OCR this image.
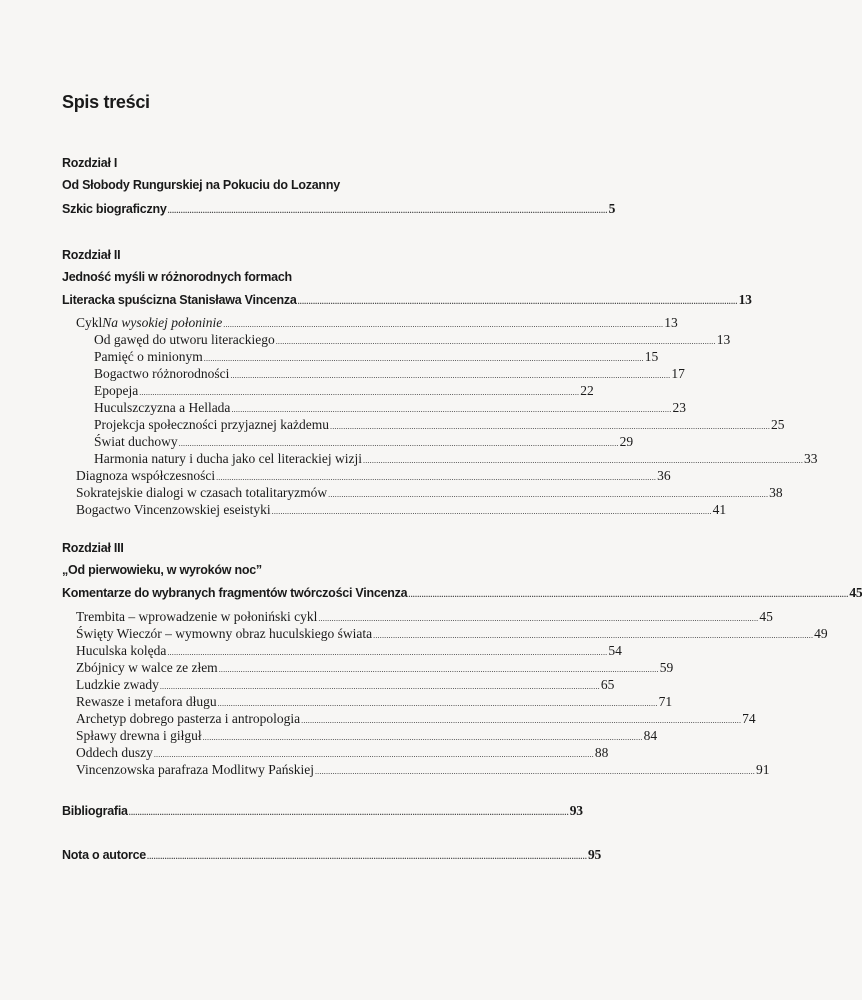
Spis treści
Rozdział I
Od Słobody Rungurskiej na Pokuciu do Lozanny
Szkic biograficzny ........................................................................................................................................................................................................ 5
Rozdział II
Jedność myśli w różnorodnych formach
Literacka spuścizna Stanisława Vincenza ........................................................................................................................................................................................................ 13
Cykl Na wysokiej połoninie ........................................................................................................................................................................................................ 13
Od gawęd do utworu literackiego ........................................................................................................................................................................................................ 13
Pamięć o minionym ........................................................................................................................................................................................................ 15
Bogactwo różnorodności ........................................................................................................................................................................................................ 17
Epopeja ........................................................................................................................................................................................................ 22
Huculszczyzna a Hellada ........................................................................................................................................................................................................ 23
Projekcja społeczności przyjaznej każdemu ........................................................................................................................................................................................................ 25
Świat duchowy ........................................................................................................................................................................................................ 29
Harmonia natury i ducha jako cel literackiej wizji ........................................................................................................................................................................................................ 33
Diagnoza współczesności ........................................................................................................................................................................................................ 36
Sokratejskie dialogi w czasach totalitaryzmów ........................................................................................................................................................................................................ 38
Bogactwo Vincenzowskiej eseistyki ........................................................................................................................................................................................................ 41
Rozdział III
„Od pierwowieku, w wyroków noc”
Komentarze do wybranych fragmentów twórczości Vincenza ........................................................................................................................................................................................................ 45
Trembita – wprowadzenie w połoniński cykl ........................................................................................................................................................................................................ 45
Święty Wieczór – wymowny obraz huculskiego świata ........................................................................................................................................................................................................ 49
Huculska kolęda ........................................................................................................................................................................................................ 54
Zbójnicy w walce ze złem ........................................................................................................................................................................................................ 59
Ludzkie zwady ........................................................................................................................................................................................................ 65
Rewasze i metafora długu ........................................................................................................................................................................................................ 71
Archetyp dobrego pasterza i antropologia ........................................................................................................................................................................................................ 74
Spławy drewna i giłguł ........................................................................................................................................................................................................ 84
Oddech duszy ........................................................................................................................................................................................................ 88
Vincenzowska parafraza Modlitwy Pańskiej ........................................................................................................................................................................................................ 91
Bibliografia ........................................................................................................................................................................................................ 93
Nota o autorce ........................................................................................................................................................................................................ 95
